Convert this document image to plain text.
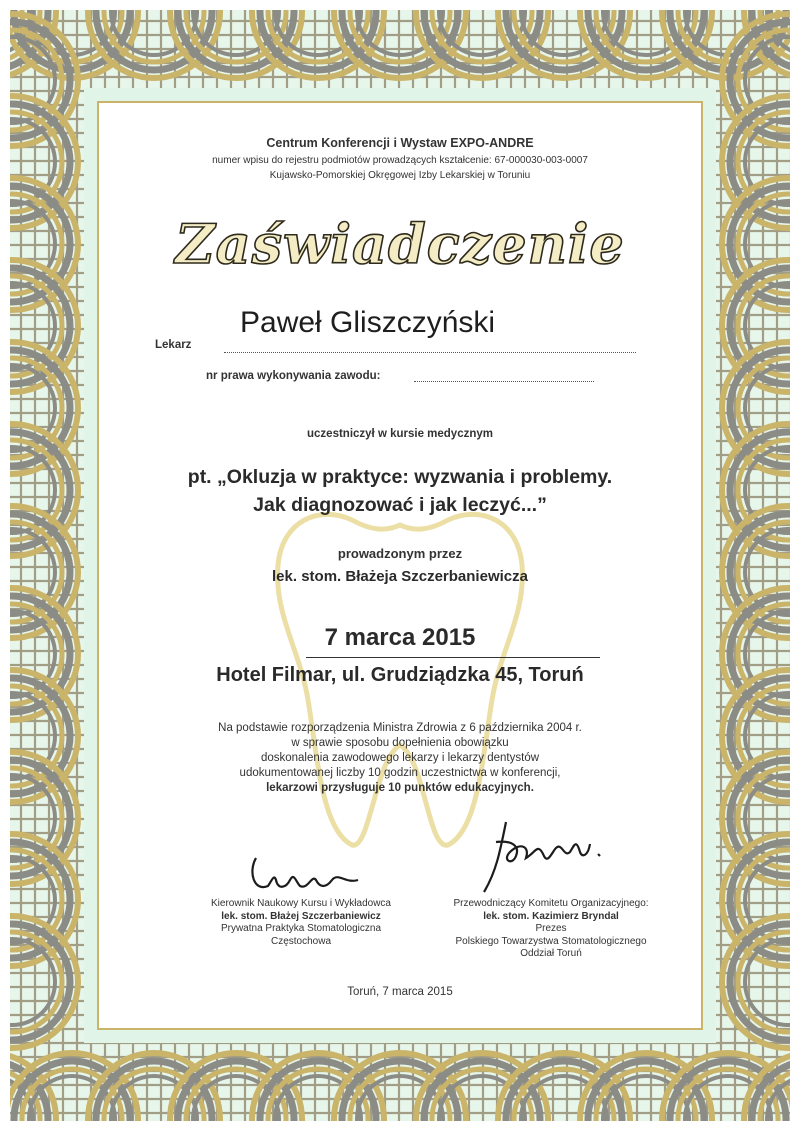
Centrum Konferencji i Wystaw EXPO-ANDRE

numer wpisu do rejestru podmiotów prowadzących kształcenie: 67-000030-003-0007

Kujawsko-Pomorskiej Okręgowej Izby Lekarskiej w Toruniu

Zaświadczenie

Lekarz
Paweł Gliszczyński
nr prawa wykonywania zawodu:

uczestniczył w kursie medycznym

pt. „Okluzja w praktyce: wyzwania i problemy.

Jak diagnozować i jak leczyć...”

prowadzonym przez

lek. stom. Błażeja Szczerbaniewicza

7 marca 2015

Hotel Filmar, ul. Grudziądzka 45, Toruń

Na podstawie rozporządzenia Ministra Zdrowia z 6 października 2004 r.

w sprawie sposobu dopełnienia obowiązku

doskonalenia zawodowego lekarzy i lekarzy dentystów

udokumentowanej liczby 10 godzin uczestnictwa w konferencji,

lekarzowi przysługuje 10 punktów edukacyjnych.

Kierownik Naukowy Kursu i Wykładowca
lek. stom. Błażej Szczerbaniewicz
Prywatna Praktyka Stomatologiczna
Częstochowa
Przewodniczący Komitetu Organizacyjnego:
lek. stom. Kazimierz Bryndal
Prezes
Polskiego Towarzystwa Stomatologicznego
Oddział Toruń

Toruń, 7 marca 2015
